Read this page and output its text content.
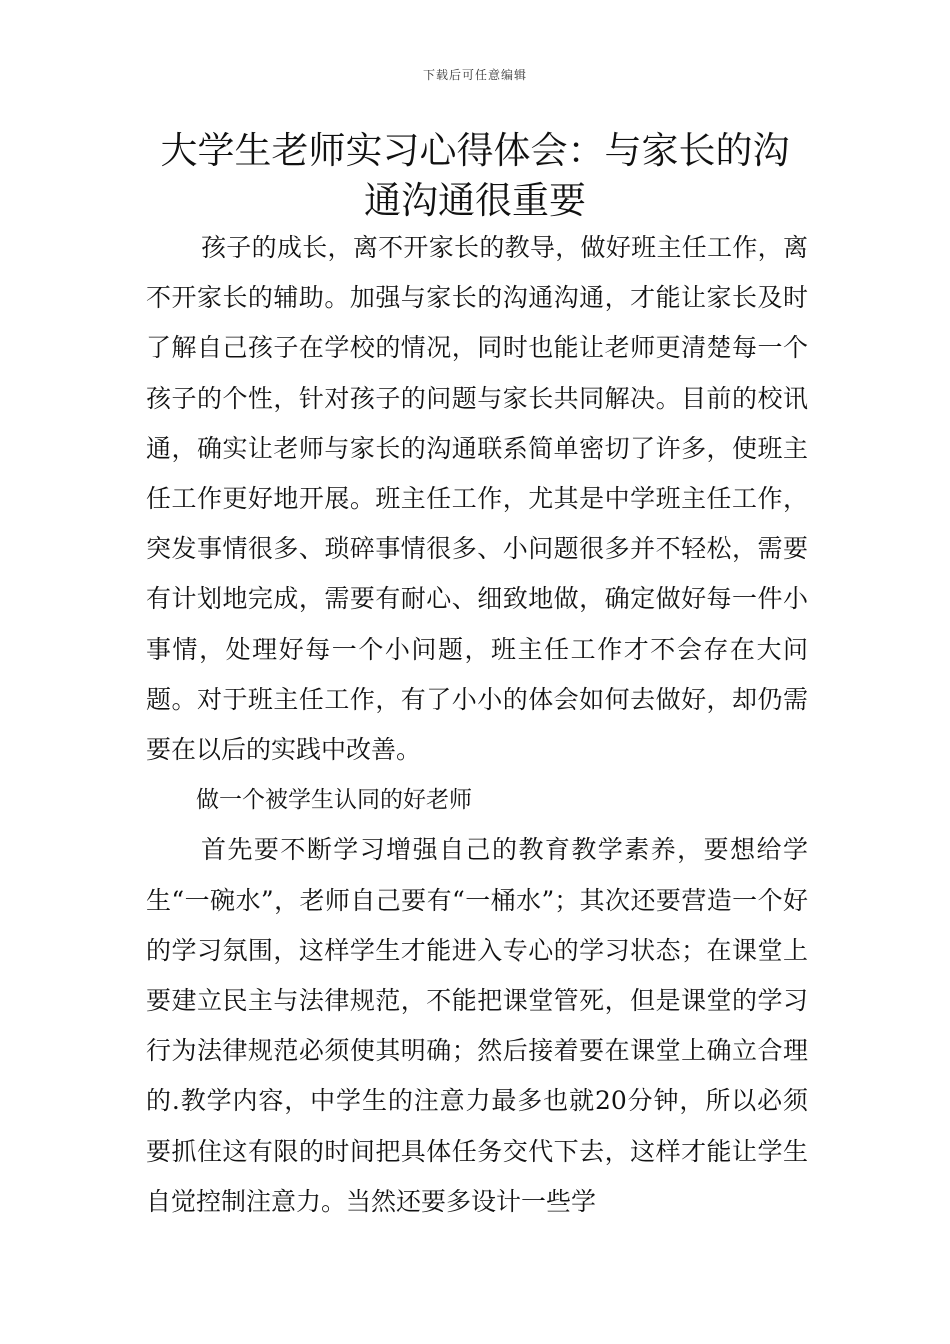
下载后可任意编辑
大学生老师实习心得体会：与家长的沟通沟通很重要

孩子的成长，离不开家长的教导，做好班主任工作，离不开家长的辅助。加强与家长的沟通沟通，才能让家长及时了解自己孩子在学校的情况，同时也能让老师更清楚每一个孩子的个性，针对孩子的问题与家长共同解决。目前的校讯通，确实让老师与家长的沟通联系简单密切了许多，使班主任工作更好地开展。班主任工作，尤其是中学班主任工作，突发事情很多、琐碎事情很多、小问题很多并不轻松，需要有计划地完成，需要有耐心、细致地做，确定做好每一件小事情，处理好每一个小问题，班主任工作才不会存在大问题。对于班主任工作，有了小小的体会如何去做好，却仍需要在以后的实践中改善。

做一个被学生认同的好老师

首先要不断学习增强自己的教育教学素养，要想给学生“一碗水”，老师自己要有“一桶水”；其次还要营造一个好的学习氛围，这样学生才能进入专心的学习状态；在课堂上要建立民主与法律规范，不能把课堂管死，但是课堂的学习行为法律规范必须使其明确；然后接着要在课堂上确立合理的.教学内容，中学生的注意力最多也就20分钟，所以必须要抓住这有限的时间把具体任务交代下去，这样才能让学生自觉控制注意力。当然还要多设计一些学
